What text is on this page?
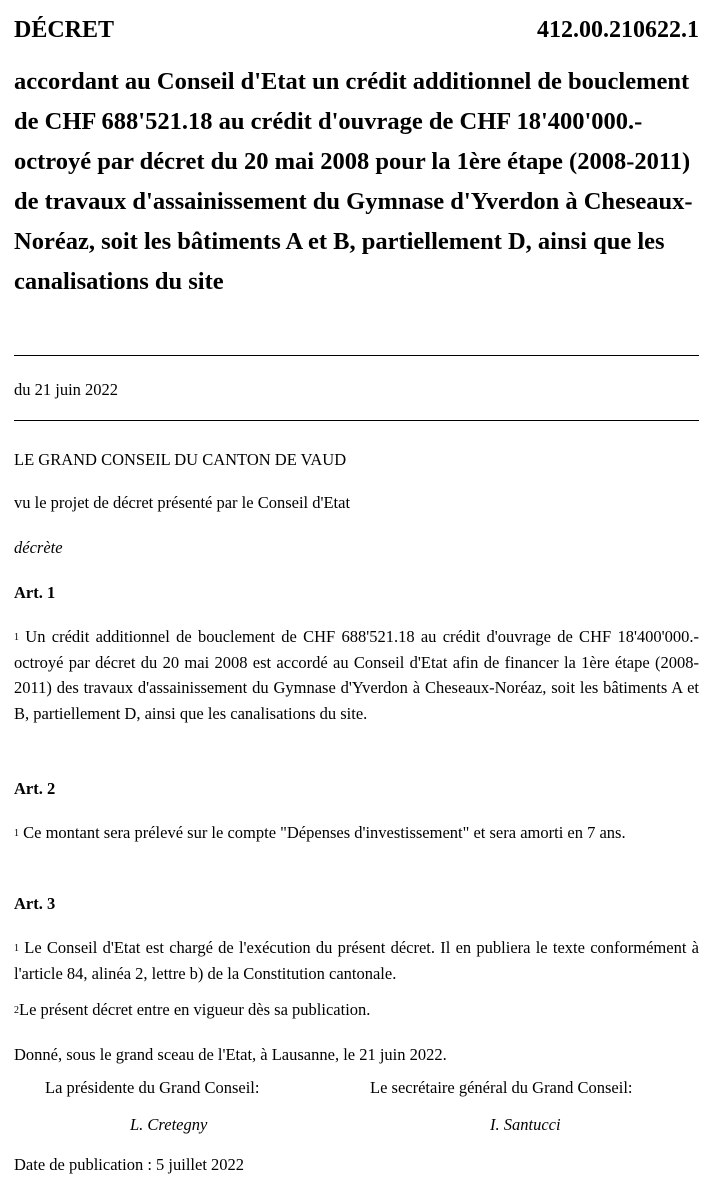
DÉCRET	412.00.210622.1
accordant au Conseil d'Etat un crédit additionnel de bouclement de CHF 688'521.18 au crédit d'ouvrage de CHF 18'400'000.- octroyé par décret du 20 mai 2008 pour la 1ère étape (2008-2011) de travaux d'assainissement du Gymnase d'Yverdon à Cheseaux-Noréaz, soit les bâtiments A et B, partiellement D, ainsi que les canalisations du site
du 21 juin 2022
LE GRAND CONSEIL DU CANTON DE VAUD
vu le projet de décret présenté par le Conseil d'Etat
décrète
Art. 1
$^1$ Un crédit additionnel de bouclement de CHF 688'521.18 au crédit d'ouvrage de CHF 18'400'000.- octroyé par décret du 20 mai 2008 est accordé au Conseil d'Etat afin de financer la 1ère étape (2008-2011) des travaux d'assainissement du Gymnase d'Yverdon à Cheseaux-Noréaz, soit les bâtiments A et B, partiellement D, ainsi que les canalisations du site.
Art. 2
$^1$ Ce montant sera prélevé sur le compte "Dépenses d'investissement" et sera amorti en 7 ans.
Art. 3
$^1$ Le Conseil d'Etat est chargé de l'exécution du présent décret. Il en publiera le texte conformément à l'article 84, alinéa 2, lettre b) de la Constitution cantonale.
$^2$Le présent décret entre en vigueur dès sa publication.
Donné, sous le grand sceau de l'Etat, à Lausanne, le 21 juin 2022.
La présidente du Grand Conseil:	Le secrétaire général du Grand Conseil:
L. Cretegny	I. Santucci
Date de publication : 5 juillet 2022
